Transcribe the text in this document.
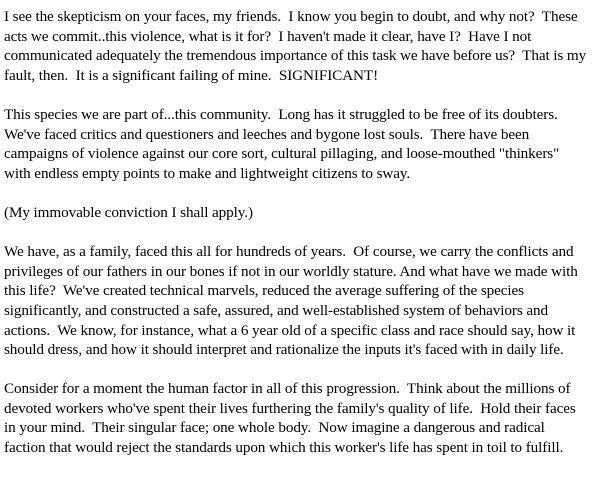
I see the skepticism on your faces, my friends.  I know you begin to doubt, and why not?  These acts we commit..this violence, what is it for?  I haven't made it clear, have I?  Have I not communicated adequately the tremendous importance of this task we have before us?  That is my fault, then.  It is a significant failing of mine.  SIGNIFICANT!

This species we are part of...this community.  Long has it struggled to be free of its doubters.  We've faced critics and questioners and leeches and bygone lost souls.  There have been campaigns of violence against our core sort, cultural pillaging, and loose-mouthed "thinkers" with endless empty points to make and lightweight citizens to sway.

(My immovable conviction I shall apply.)

We have, as a family, faced this all for hundreds of years.  Of course, we carry the conflicts and privileges of our fathers in our bones if not in our worldly stature. And what have we made with this life?  We've created technical marvels, reduced the average suffering of the species significantly, and constructed a safe, assured, and well-established system of behaviors and actions.  We know, for instance, what a 6 year old of a specific class and race should say, how it should dress, and how it should interpret and rationalize the inputs it's faced with in daily life.

Consider for a moment the human factor in all of this progression.  Think about the millions of devoted workers who've spent their lives furthering the family's quality of life.  Hold their faces in your mind.  Their singular face; one whole body.  Now imagine a dangerous and radical faction that would reject the standards upon which this worker's life has spent in toil to fulfill.
